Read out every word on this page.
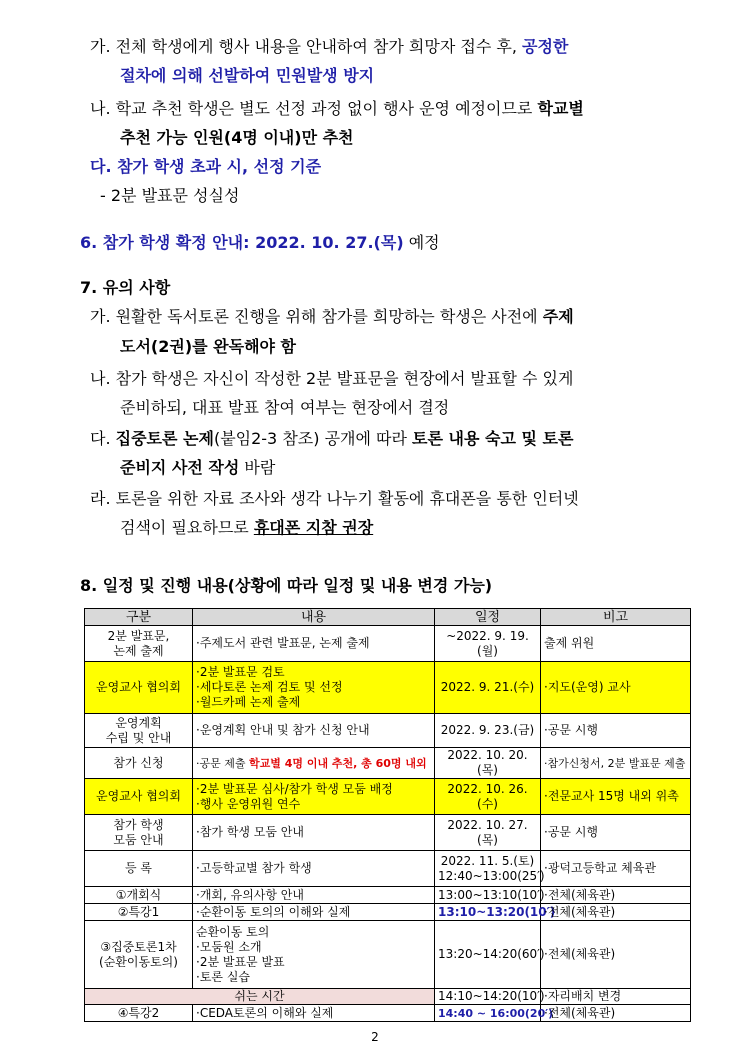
가. 전체 학생에게 행사 내용을 안내하여 참가 희망자 접수 후, 공정한
절차에 의해 선발하여 민원발생 방지
나. 학교 추천 학생은 별도 선정 과정 없이 행사 운영 예정이므로 학교별
추천 가능 인원(4명 이내)만 추천
다. 참가 학생 초과 시, 선정 기준
- 2분 발표문 성실성
6. 참가 학생 확정 안내: 2022. 10. 27.(목) 예정
7. 유의 사항
가. 원활한 독서토론 진행을 위해 참가를 희망하는 학생은 사전에 주제
도서(2권)를 완독해야 함
나. 참가 학생은 자신이 작성한 2분 발표문을 현장에서 발표할 수 있게
준비하되, 대표 발표 참여 여부는 현장에서 결정
다. 집중토론 논제(붙임2-3 참조) 공개에 따라 토론 내용 숙고 및 토론
준비지 사전 작성 바람
라. 토론을 위한 자료 조사와 생각 나누기 활동에 휴대폰을 통한 인터넷
검색이 필요하므로 휴대폰 지참 권장
8. 일정 및 진행 내용(상황에 따라 일정 및 내용 변경 가능)
구분	내용	일정	비고

2분 발표문,
논제 출제	·주제도서 관련 발표문, 논제 출제	~2022. 9. 19.(월)	출제 위원
운영교사 협의회	·2분 발표문 검토
·세다토론 논제 검토 및 선정
·월드카페 논제 출제	2022. 9. 21.(수)	·지도(운영) 교사

운영계획
수립 및 안내	·운영계획 안내 및 참가 신청 안내	2022. 9. 23.(금)	·공문 시행
참가 신청	·공문 제출 학교별 4명 이내 추천, 총 60명 내외	2022. 10. 20.(목)	·참가신청서, 2분 발표문 제출
운영교사 협의회	·2분 발표문 심사/참가 학생 모둠 배정
·행사 운영위원 연수	2022. 10. 26.(수)	·전문교사 15명 내외 위촉

참가 학생
모둠 안내	·참가 학생 모둠 안내	2022. 10. 27.(목)	·공문 시행
등 록	·고등학교별 참가 학생	2022. 11. 5.(토)
12:40~13:00(25′)	·광덕고등학교 체육관
①개회식	·개회, 유의사항 안내	13:00~13:10(10′)	·전체(체육관)
②특강1	·순환이동 토의의 이해와 실제	13:10~13:20(10′)	·전체(체육관)

③집중토론1차
(순환이동토의)	순환이동 토의
·모둠원 소개
·2분 발표문 발표
·토론 실습	13:20~14:20(60′)	·전체(체육관)
쉬는 시간		14:10~14:20(10′)	·자리배치 변경
④특강2	·CEDA토론의 이해와 실제	14:40 ~ 16:00(20′)	·전체(체육관)
2
